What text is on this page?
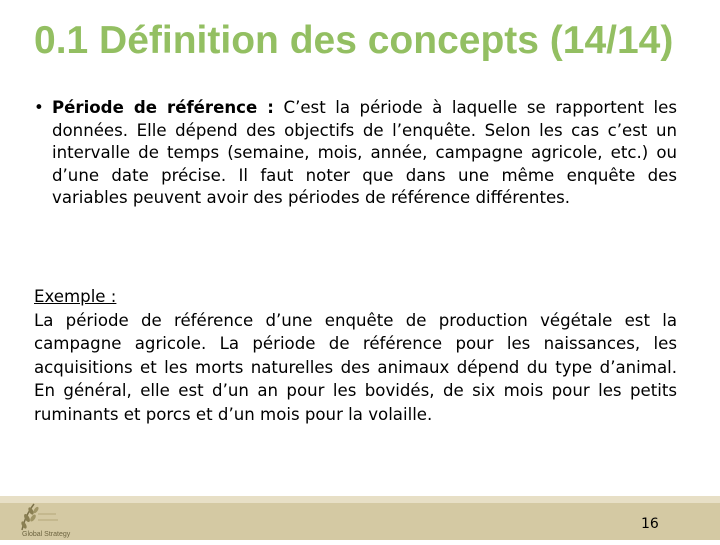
0.1 Définition des concepts (14/14)
• Période de référence : C’est la période à laquelle se rapportent les données. Elle dépend des objectifs de l’enquête. Selon les cas c’est un intervalle de temps (semaine, mois, année, campagne agricole, etc.) ou d’une date précise. Il faut noter que dans une même enquête des variables peuvent avoir des périodes de référence différentes.
Exemple :
La période de référence d’une enquête de production végétale est la campagne agricole. La période de référence pour les naissances, les acquisitions et les morts naturelles des animaux dépend du type d’animal. En général, elle est d’un an pour les bovidés, de six mois pour les petits ruminants et porcs et d’un mois pour la volaille.
Global Strategy
16
